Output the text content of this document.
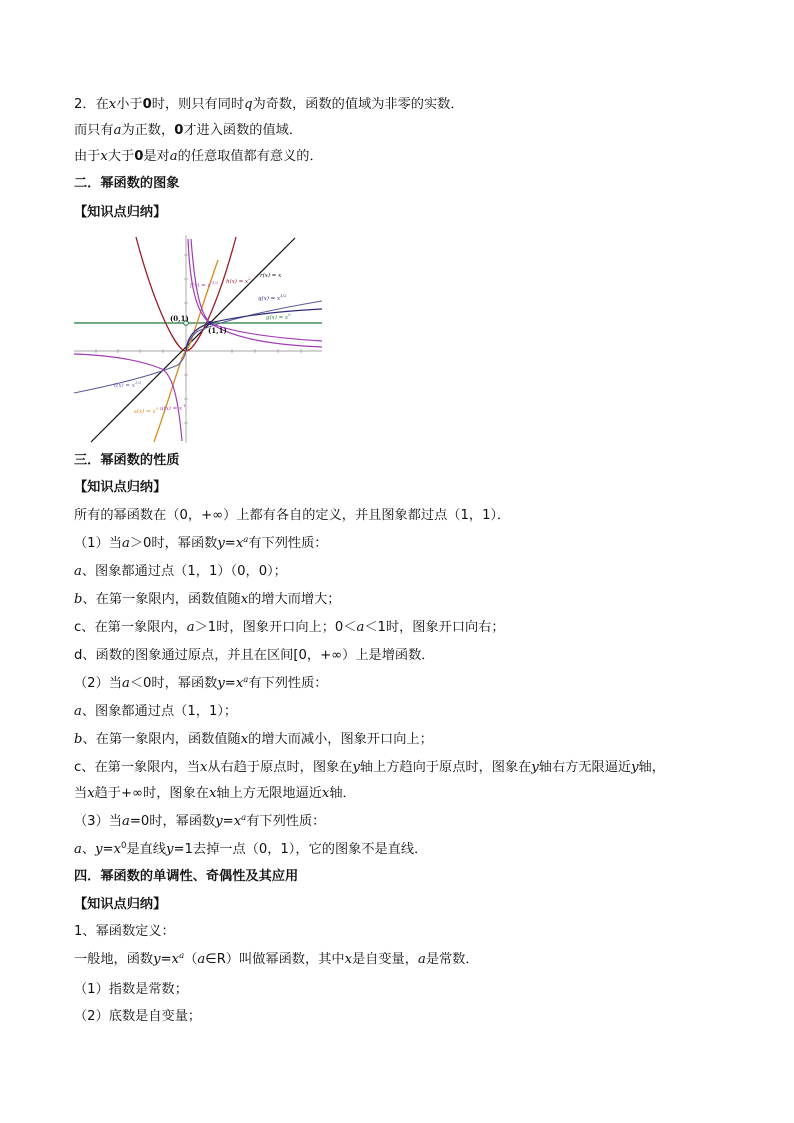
2．在x小于0时，则只有同时q为奇数，函数的值域为非零的实数．
而只有a为正数，0才进入函数的值域．
由于x大于0是对a的任意取值都有意义的．
二．幂函数的图象
【知识点归纳】
(0,1)
(1,1)
$f(x) = x^{-1/2}$ $h(x) = x^2$ r(x) = x
$q(x) = x^{1/2}$
$g(x) = x^0$
$t(x) = x^{1/3}$
$s(x) = x^3$ $u(x) = x^{-1}$
三．幂函数的性质
【知识点归纳】
所有的幂函数在（0，+∞）上都有各自的定义，并且图象都过点（1，1）．
（1）当a＞0时，幂函数$y=x^a$有下列性质：
a、图象都通过点（1，1）（0，0）；
b、在第一象限内，函数值随x的增大而增大；
c、在第一象限内，a＞1时，图象开口向上；0＜a＜1时，图象开口向右；
d、函数的图象通过原点，并且在区间[0，+∞）上是增函数．
（2）当a＜0时，幂函数$y=x^a$有下列性质：
a、图象都通过点（1，1）；
b、在第一象限内，函数值随x的增大而减小，图象开口向上；
c、在第一象限内，当x从右趋于原点时，图象在y轴上方趋向于原点时，图象在y轴右方无限逼近y轴，
当x趋于+∞时，图象在x轴上方无限地逼近x轴．
（3）当a=0时，幂函数$y=x^a$有下列性质：
a、$y=x^0$是直线y=1去掉一点（0，1），它的图象不是直线．
四．幂函数的单调性、奇偶性及其应用
【知识点归纳】
1、幂函数定义：
一般地，函数$y=x^a(a\in R)$叫做幂函数，其中x是自变量，a是常数．
（1）指数是常数；
（2）底数是自变量；
